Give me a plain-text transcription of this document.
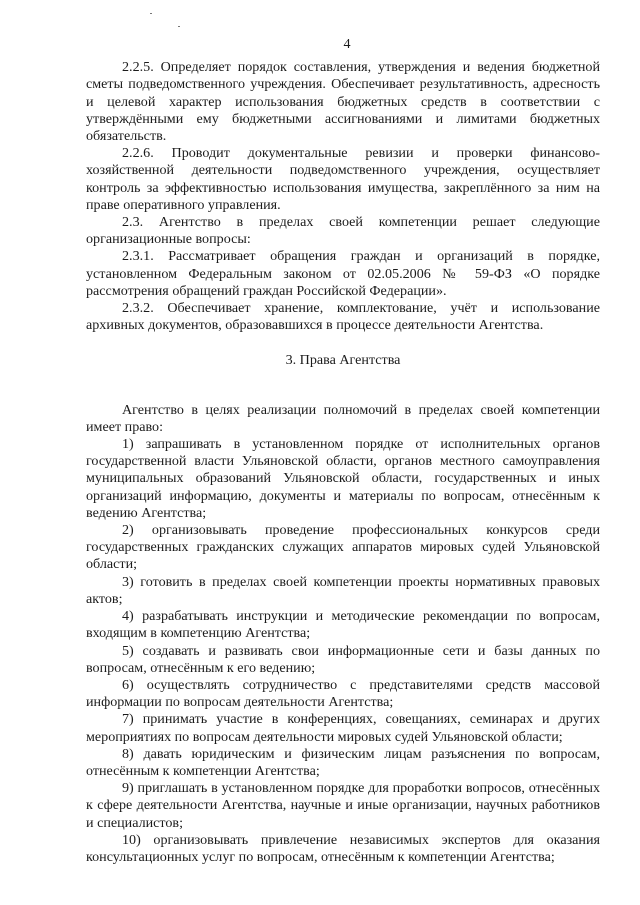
4

2.2.5. Определяет порядок составления, утверждения и ведения бюджетной сметы подведомственного учреждения. Обеспечивает результативность, адресность и целевой характер использования бюджетных средств в соответствии с утверждёнными ему бюджетными ассигнованиями и лимитами бюджетных обязательств.

2.2.6. Проводит документальные ревизии и проверки финансово-хозяйственной деятельности подведомственного учреждения, осуществляет контроль за эффективностью использования имущества, закреплённого за ним на праве оперативного управления.

2.3. Агентство в пределах своей компетенции решает следующие организационные вопросы:

2.3.1. Рассматривает обращения граждан и организаций в порядке, установленном Федеральным законом от 02.05.2006 № 59-ФЗ «О порядке рассмотрения обращений граждан Российской Федерации».

2.3.2. Обеспечивает хранение, комплектование, учёт и использование архивных документов, образовавшихся в процессе деятельности Агентства.

3. Права Агентства

Агентство в целях реализации полномочий в пределах своей компетенции имеет право:

1) запрашивать в установленном порядке от исполнительных органов государственной власти Ульяновской области, органов местного самоуправления муниципальных образований Ульяновской области, государственных и иных организаций информацию, документы и материалы по вопросам, отнесённым к ведению Агентства;

2) организовывать проведение профессиональных конкурсов среди государственных гражданских служащих аппаратов мировых судей Ульяновской области;

3) готовить в пределах своей компетенции проекты нормативных правовых актов;

4) разрабатывать инструкции и методические рекомендации по вопросам, входящим в компетенцию Агентства;

5) создавать и развивать свои информационные сети и базы данных по вопросам, отнесённым к его ведению;

6) осуществлять сотрудничество с представителями средств массовой информации по вопросам деятельности Агентства;

7) принимать участие в конференциях, совещаниях, семинарах и других мероприятиях по вопросам деятельности мировых судей Ульяновской области;

8) давать юридическим и физическим лицам разъяснения по вопросам, отнесённым к компетенции Агентства;

9) приглашать в установленном порядке для проработки вопросов, отнесённых к сфере деятельности Агентства, научные и иные организации, научных работников и специалистов;

10) организовывать привлечение независимых экспертов для оказания консультационных услуг по вопросам, отнесённым к компетенции Агентства;
